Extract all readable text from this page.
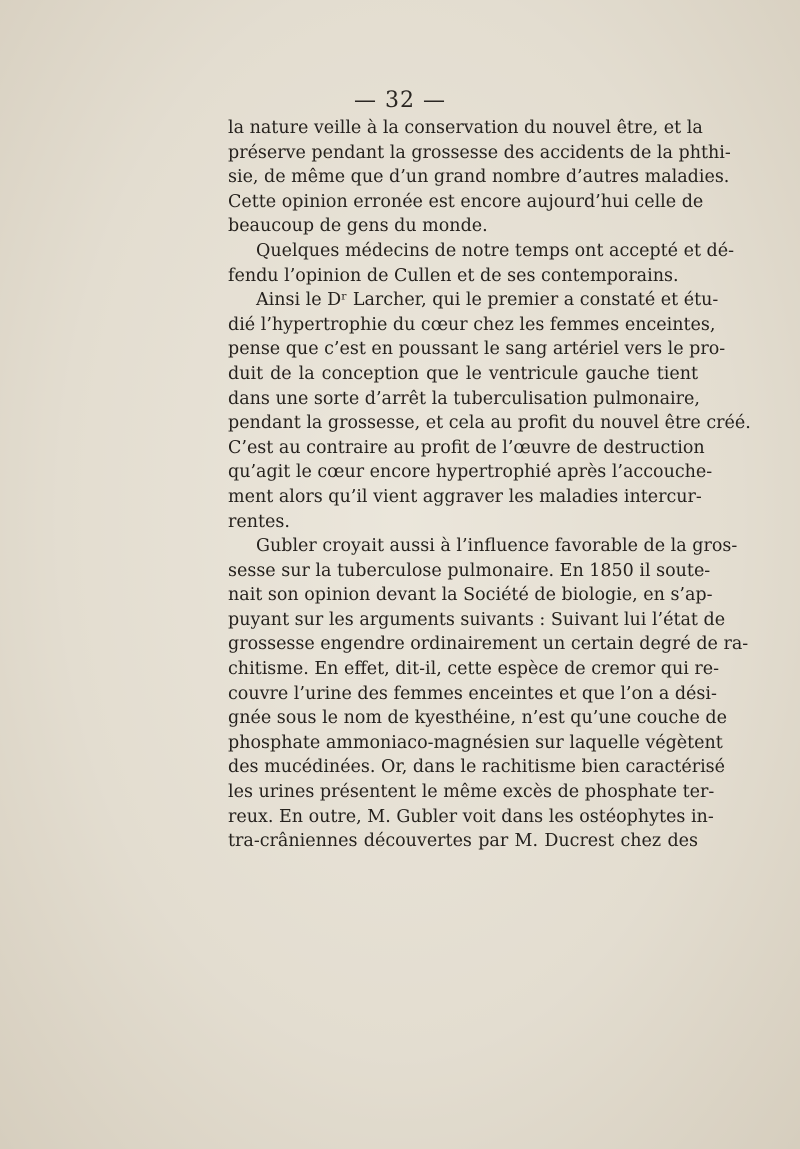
— 32 —
la nature veille à la conservation du nouvel être, et la
préserve pendant la grossesse des accidents de la phthi-
sie, de même que d’un grand nombre d’autres maladies.
Cette opinion erronée est encore aujourd’hui celle de
beaucoup de gens du monde.
Quelques médecins de notre temps ont accepté et dé-
fendu l’opinion de Cullen et de ses contemporains.
Ainsi le Dʳ Larcher, qui le premier a constaté et étu-
dié l’hypertrophie du cœur chez les femmes enceintes,
pense que c’est en poussant le sang artériel vers le pro-
duit de la conception que le ventricule gauche tient
dans une sorte d’arrêt la tuberculisation pulmonaire,
pendant la grossesse, et cela au profit du nouvel être créé.
C’est au contraire au profit de l’œuvre de destruction
qu’agit le cœur encore hypertrophié après l’accouche-
ment alors qu’il vient aggraver les maladies intercur-
rentes.
Gubler croyait aussi à l’influence favorable de la gros-
sesse sur la tuberculose pulmonaire. En 1850 il soute-
nait son opinion devant la Société de biologie, en s’ap-
puyant sur les arguments suivants : Suivant lui l’état de
grossesse engendre ordinairement un certain degré de ra-
chitisme. En effet, dit-il, cette espèce de cremor qui re-
couvre l’urine des femmes enceintes et que l’on a dési-
gnée sous le nom de kyesthéine, n’est qu’une couche de
phosphate ammoniaco-magnésien sur laquelle végètent
des mucédinées. Or, dans le rachitisme bien caractérisé
les urines présentent le même excès de phosphate ter-
reux. En outre, M. Gubler voit dans les ostéophytes in-
tra-crâniennes découvertes par M. Ducrest chez des
